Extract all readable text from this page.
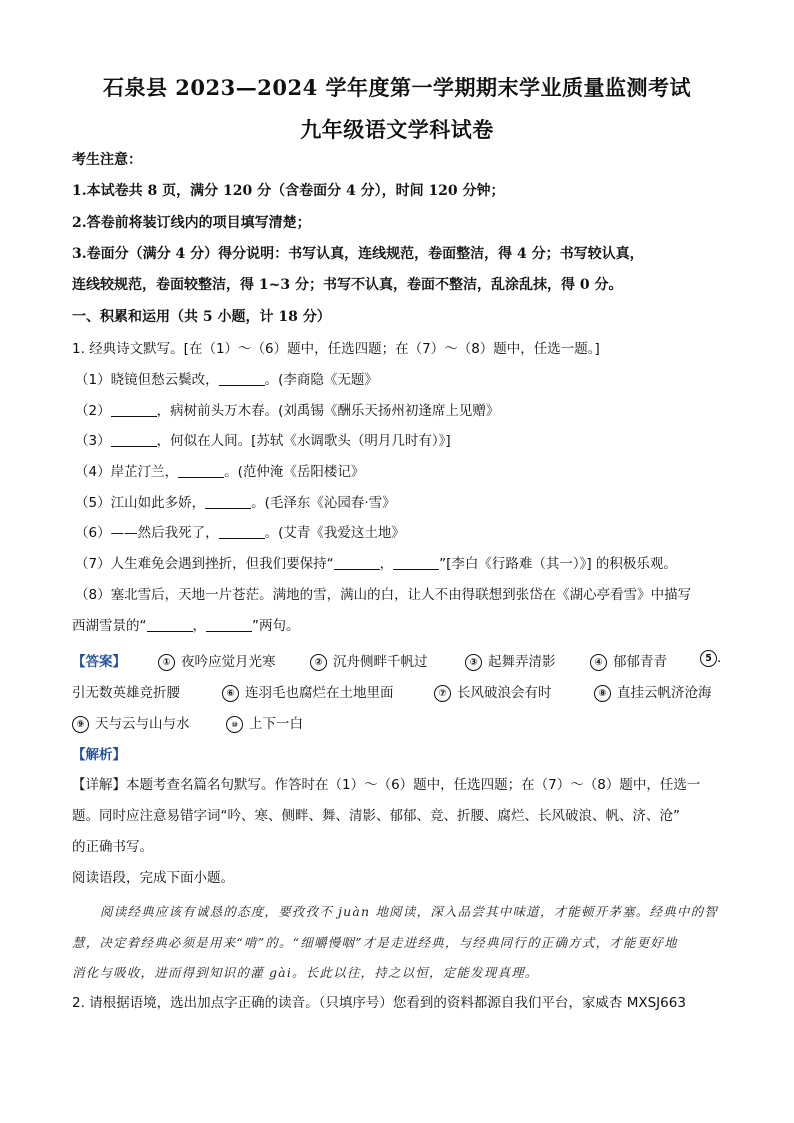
石泉县 2023—2024 学年度第一学期期末学业质量监测考试
九年级语文学科试卷
考生注意：
1.本试卷共 8 页，满分 120 分（含卷面分 4 分），时间 120 分钟；
2.答卷前将装订线内的项目填写清楚；
3.卷面分（满分 4 分）得分说明：书写认真，连线规范，卷面整洁，得 4 分；书写较认真，
连线较规范，卷面较整洁，得 1~3 分；书写不认真，卷面不整洁，乱涂乱抹，得 0 分。
一、积累和运用（共 5 小题，计 18 分）
1. 经典诗文默写。[在（1）～（6）题中，任选四题；在（7）～（8）题中，任选一题。]
（1）晓镜但愁云鬓改，	。(李商隐《无题》
（2）	，病树前头万木春。(刘禹锡《酬乐天扬州初逢席上见赠》
（3）	，何似在人间。[苏轼《水调歌头（明月几时有）》]
（4）岸芷汀兰，	。(范仲淹《岳阳楼记》
（5）江山如此多娇，	。(毛泽东《沁园春·雪》
（6）——然后我死了，	。(艾青《我爱这土地》
（7）人生难免会遇到挫折，但我们要保持“	，	”[李白《行路难（其一）》] 的积极乐观。
（8）塞北雪后，天地一片苍茫。满地的雪，满山的白，让人不由得联想到张岱在《湖心亭看雪》中描写
西湖雪景的“	，	”两句。
【答案】	① 夜吟应觉月光寒	② 沉舟侧畔千帆过	③ 起舞弄清影	④ 郁郁青青	5 .
引无数英雄竞折腰	⑥ 连羽毛也腐烂在土地里面	⑦ 长风破浪会有时	⑧ 直挂云帆济沧海
⑨ 天与云与山与水	⑩ 上下一白
【解析】
【详解】本题考查名篇名句默写。作答时在（1）～（6）题中，任选四题；在（7）～（8）题中，任选一
题。同时应注意易错字词“吟、寒、侧畔、舞、清影、郁郁、竞、折腰、腐烂、长风破浪、帆、济、沧”
的正确书写。
阅读语段，完成下面小题。
阅读经典应该有诚恳的态度，要孜孜不 juàn 地阅读，深入品尝其中味道，才能顿开茅塞。经典中的智
慧，决定着经典必须是用来“啃”的。“细嚼慢咽”才是走进经典，与经典同行的正确方式，才能更好地
消化与吸收，进而得到知识的灌 gài。长此以往，持之以恒，定能发现真理。
2. 请根据语境，选出加点字正确的读音。（只填序号）您看到的资料都源自我们平台，家威杏 MXSJ663
